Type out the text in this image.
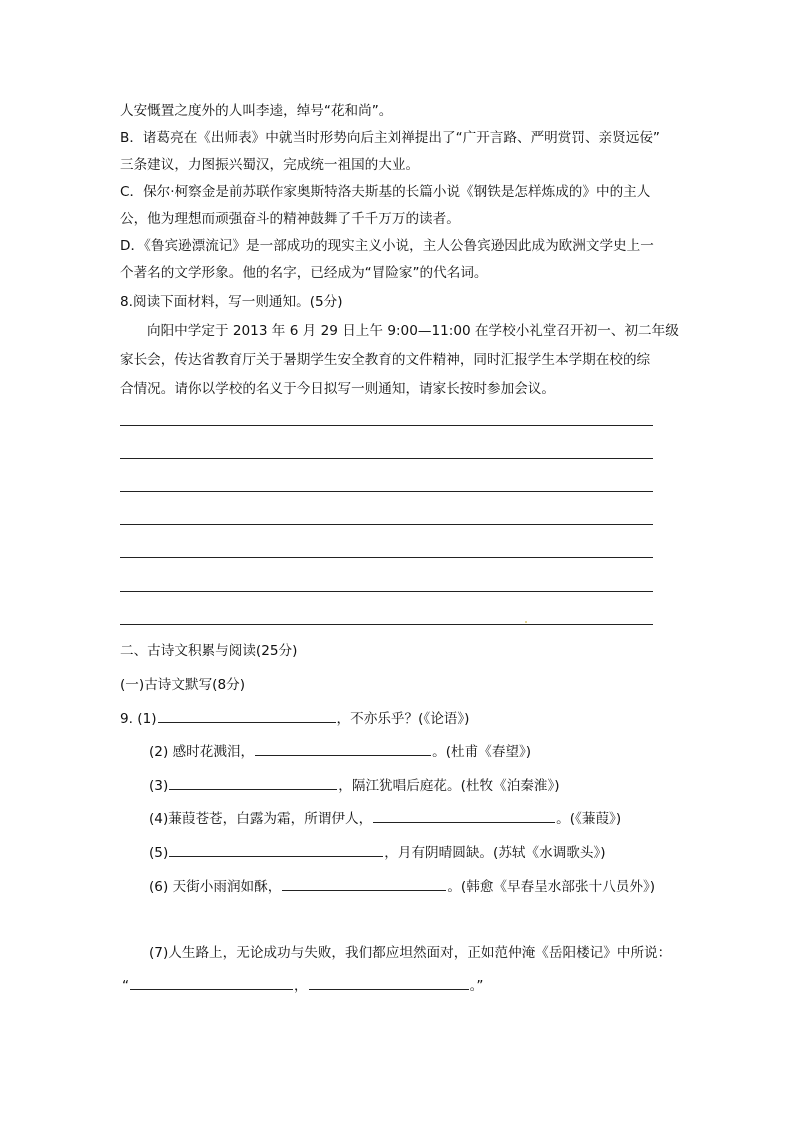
人安慨置之度外的人叫李逵，绰号“花和尚”。
B．诸葛亮在《出师表》中就当时形势向后主刘禅提出了“广开言路、严明赏罚、亲贤远佞”
三条建议，力图振兴蜀汉，完成统一祖国的大业。
C．保尔·柯察金是前苏联作家奥斯特洛夫斯基的长篇小说《钢铁是怎样炼成的》中的主人
公，他为理想而顽强奋斗的精神鼓舞了千千万万的读者。
D．《鲁宾逊漂流记》是一部成功的现实主义小说，主人公鲁宾逊因此成为欧洲文学史上一
个著名的文学形象。他的名字，已经成为“冒险家”的代名词。
8.阅读下面材料，写一则通知。(5分)
向阳中学定于 2013 年 6 月 29 日上午 9:00—11:00 在学校小礼堂召开初一、初二年级
家长会，传达省教育厅关于暑期学生安全教育的文件精神，同时汇报学生本学期在校的综
合情况。请你以学校的名义于今日拟写一则通知，请家长按时参加会议。
二、古诗文积累与阅读(25分)
(一)古诗文默写(8分)
9. (1)	，不亦乐乎？(《论语》)
(2) 感时花溅泪，	。(杜甫《春望》)
(3)	，隔江犹唱后庭花。(杜牧《泊秦淮》)
(4)蒹葭苍苍，白露为霜，所谓伊人，	。(《蒹葭》)
(5)	，月有阴晴圆缺。(苏轼《水调歌头》)
(6) 天街小雨润如酥，	。(韩愈《早春呈水部张十八员外》)
(7)人生路上，无论成功与失败，我们都应坦然面对，正如范仲淹《岳阳楼记》中所说：
“	，	。”
